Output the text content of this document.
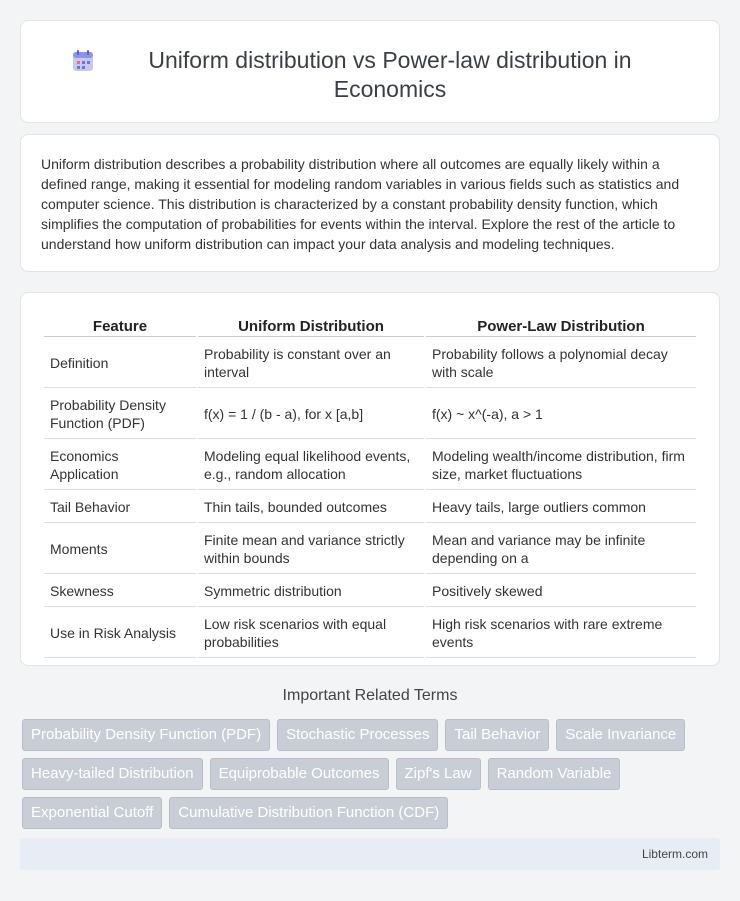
Uniform distribution vs Power-law distribution in Economics

Uniform distribution describes a probability distribution where all outcomes are equally likely within a defined range, making it essential for modeling random variables in various fields such as statistics and computer science. This distribution is characterized by a constant probability density function, which simplifies the computation of probabilities for events within the interval. Explore the rest of the article to understand how uniform distribution can impact your data analysis and modeling techniques.

Feature	Uniform Distribution	Power-Law Distribution
Definition	Probability is constant over an interval	Probability follows a polynomial decay with scale
Probability Density Function (PDF)	f(x) = 1 / (b - a), for x [a,b]	f(x) ~ x^(-a), a > 1
Economics Application	Modeling equal likelihood events, e.g., random allocation	Modeling wealth/income distribution, firm size, market fluctuations
Tail Behavior	Thin tails, bounded outcomes	Heavy tails, large outliers common
Moments	Finite mean and variance strictly within bounds	Mean and variance may be infinite depending on a
Skewness	Symmetric distribution	Positively skewed
Use in Risk Analysis	Low risk scenarios with equal probabilities	High risk scenarios with rare extreme events
Important Related Terms
Probability Density Function (PDF)	Stochastic Processes	Tail Behavior	Scale Invariance
Heavy-tailed Distribution	Equiprobable Outcomes	Zipf's Law	Random Variable
Exponential Cutoff	Cumulative Distribution Function (CDF)
Libterm.com
